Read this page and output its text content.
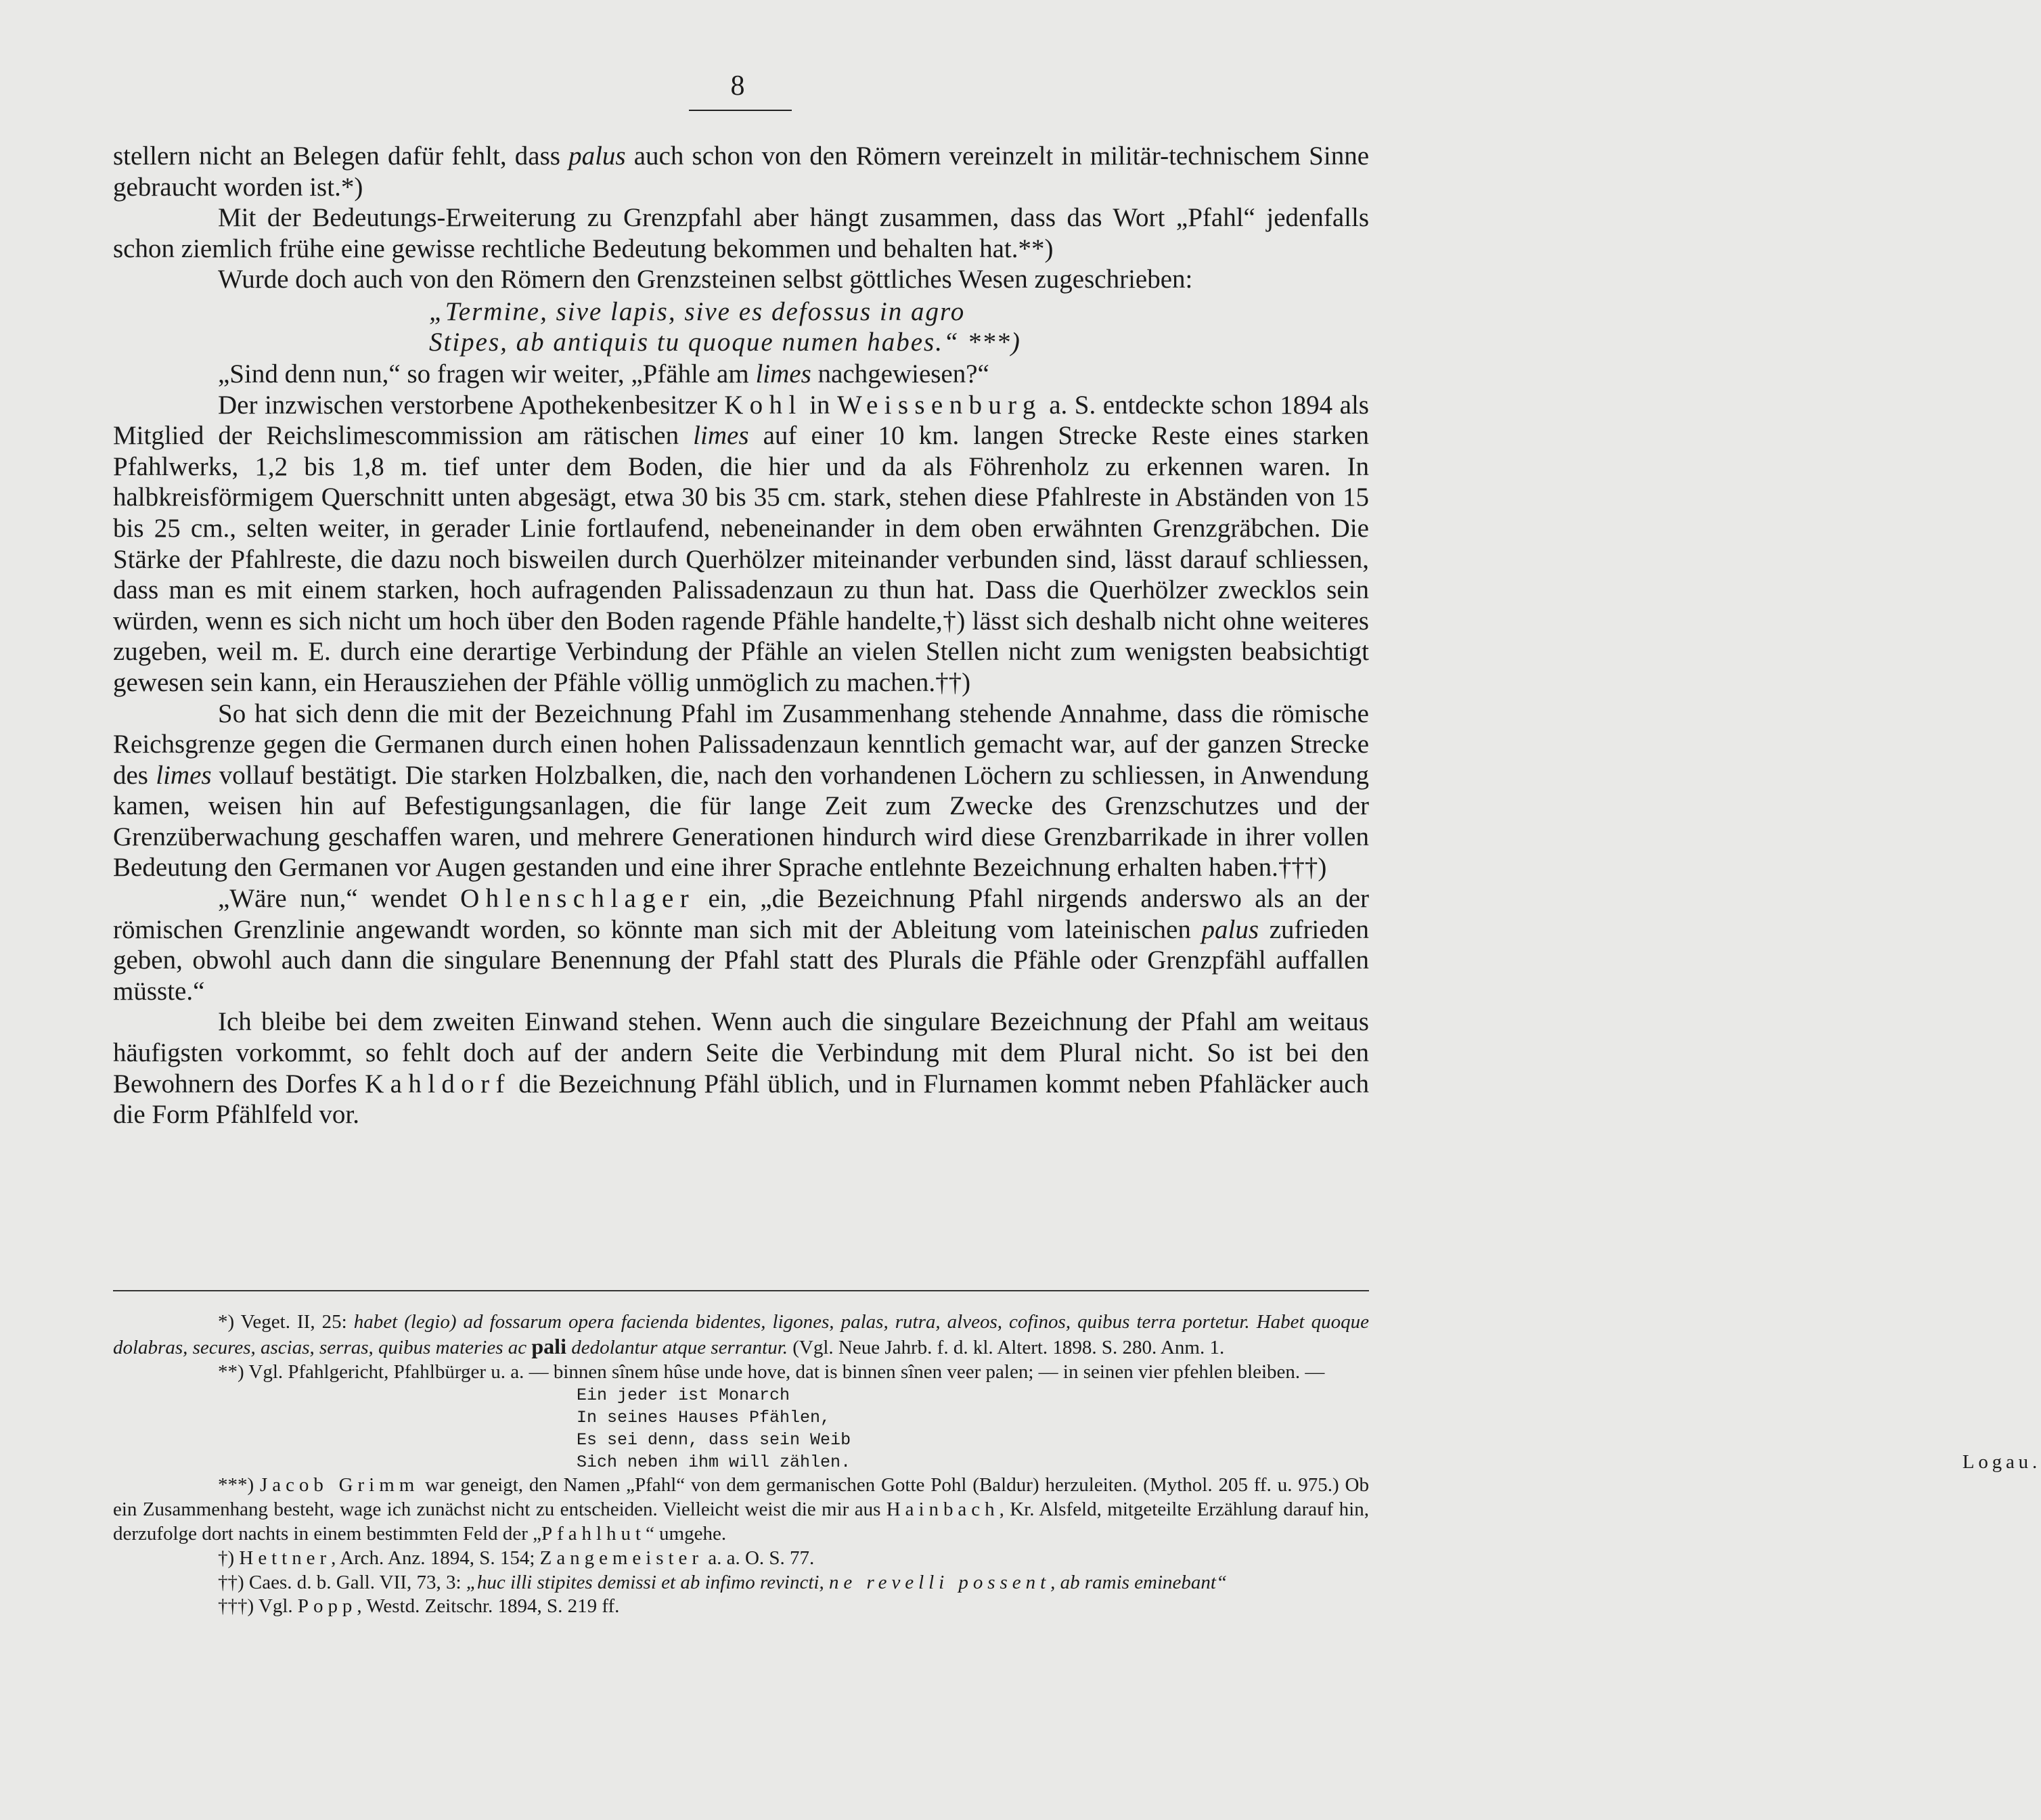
8

stellern nicht an Belegen dafür fehlt, dass palus auch schon von den Römern vereinzelt in militär-technischem Sinne gebraucht worden ist.*)

Mit der Bedeutungs-Erweiterung zu Grenzpfahl aber hängt zusammen, dass das Wort „Pfahl“ jedenfalls schon ziemlich frühe eine gewisse rechtliche Bedeutung bekommen und behalten hat.**)

Wurde doch auch von den Römern den Grenzsteinen selbst göttliches Wesen zugeschrieben:

„Termine, sive lapis, sive es defossus in agro
Stipes, ab antiquis tu quoque numen habes.“ ***)

„Sind denn nun,“ so fragen wir weiter, „Pfähle am limes nachgewiesen?“

Der inzwischen verstorbene Apothekenbesitzer Kohl in Weissenburg a. S. entdeckte schon 1894 als Mitglied der Reichslimescommission am rätischen limes auf einer 10 km. langen Strecke Reste eines starken Pfahlwerks, 1,2 bis 1,8 m. tief unter dem Boden, die hier und da als Föhrenholz zu erkennen waren. In halbkreisförmigem Querschnitt unten abgesägt, etwa 30 bis 35 cm. stark, stehen diese Pfahlreste in Abständen von 15 bis 25 cm., selten weiter, in gerader Linie fortlaufend, nebeneinander in dem oben erwähnten Grenzgräbchen. Die Stärke der Pfahlreste, die dazu noch bisweilen durch Querhölzer miteinander verbunden sind, lässt darauf schliessen, dass man es mit einem starken, hoch aufragenden Palissadenzaun zu thun hat. Dass die Querhölzer zwecklos sein würden, wenn es sich nicht um hoch über den Boden ragende Pfähle handelte,†) lässt sich deshalb nicht ohne weiteres zugeben, weil m. E. durch eine derartige Verbindung der Pfähle an vielen Stellen nicht zum wenigsten beabsichtigt gewesen sein kann, ein Herausziehen der Pfähle völlig unmöglich zu machen.††)

So hat sich denn die mit der Bezeichnung Pfahl im Zusammenhang stehende Annahme, dass die römische Reichsgrenze gegen die Germanen durch einen hohen Palissadenzaun kenntlich gemacht war, auf der ganzen Strecke des limes vollauf bestätigt. Die starken Holzbalken, die, nach den vorhandenen Löchern zu schliessen, in Anwendung kamen, weisen hin auf Befestigungsanlagen, die für lange Zeit zum Zwecke des Grenzschutzes und der Grenzüberwachung geschaffen waren, und mehrere Generationen hindurch wird diese Grenzbarrikade in ihrer vollen Bedeutung den Germanen vor Augen gestanden und eine ihrer Sprache entlehnte Bezeichnung erhalten haben.†††)

„Wäre nun,“ wendet Ohlenschlager ein, „die Bezeichnung Pfahl nirgends anderswo als an der römischen Grenzlinie angewandt worden, so könnte man sich mit der Ableitung vom lateinischen palus zufrieden geben, obwohl auch dann die singulare Benennung der Pfahl statt des Plurals die Pfähle oder Grenzpfähl auffallen müsste.“

Ich bleibe bei dem zweiten Einwand stehen. Wenn auch die singulare Bezeichnung der Pfahl am weitaus häufigsten vorkommt, so fehlt doch auf der andern Seite die Verbindung mit dem Plural nicht. So ist bei den Bewohnern des Dorfes Kahldorf die Bezeichnung Pfähl üblich, und in Flurnamen kommt neben Pfahläcker auch die Form Pfählfeld vor.

*) Veget. II, 25: habet (legio) ad fossarum opera facienda bidentes, ligones, palas, rutra, alveos, cofinos, quibus terra portetur. Habet quoque dolabras, secures, ascias, serras, quibus materies ac pali dedolantur atque serrantur. (Vgl. Neue Jahrb. f. d. kl. Altert. 1898. S. 280. Anm. 1.

**) Vgl. Pfahlgericht, Pfahlbürger u. a. — binnen sînem hûse unde hove, dat is binnen sînen veer palen; — in seinen vier pfehlen bleiben. —

Ein jeder ist Monarch
In seines Hauses Pfählen,
Es sei denn, dass sein Weib
Sich neben ihm will zählen.	Logau.

***) Jacob Grimm war geneigt, den Namen „Pfahl“ von dem germanischen Gotte Pohl (Baldur) herzuleiten. (Mythol. 205 ff. u. 975.) Ob ein Zusammenhang besteht, wage ich zunächst nicht zu entscheiden. Vielleicht weist die mir aus Hainbach, Kr. Alsfeld, mitgeteilte Erzählung darauf hin, derzufolge dort nachts in einem bestimmten Feld der „Pfahlhut“ umgehe.

†) Hettner, Arch. Anz. 1894, S. 154; Zangemeister a. a. O. S. 77.

††) Caes. d. b. Gall. VII, 73, 3: „huc illi stipites demissi et ab infimo revincti, ne revelli possent, ab ramis eminebant“

†††) Vgl. Popp, Westd. Zeitschr. 1894, S. 219 ff.
